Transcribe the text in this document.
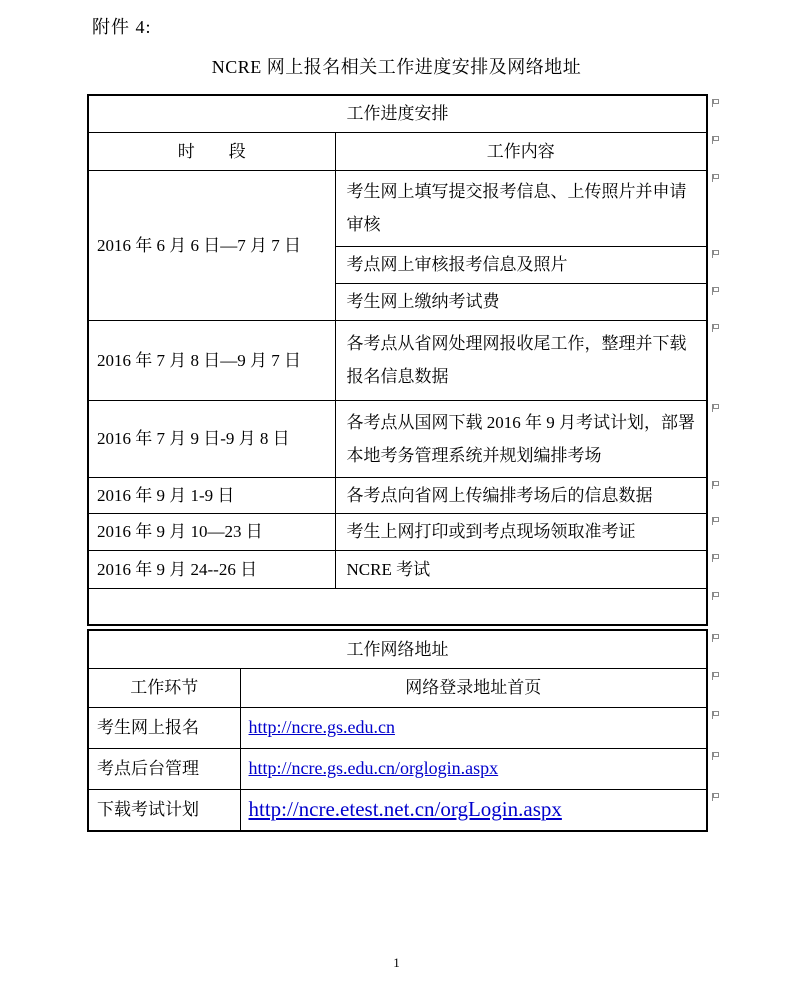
附件 4:
NCRE 网上报名相关工作进度安排及网络地址
工作进度安排	

时　　段	工作内容

2016 年 6 月 6 日—7 月 7 日	考生网上填写提交报考信息、上传照片并申请审核

	考点网上审核报考信息及照片

	考生网上缴纳考试费

2016 年 7 月 8 日—9 月 7 日	各考点从省网处理网报收尾工作，整理并下载报名信息数据

2016 年 7 月 9 日-9 月 8 日	各考点从国网下载 2016 年 9 月考试计划，部署本地考务管理系统并规划编排考场

2016 年 9 月 1-9 日	各考点向省网上传编排考场后的信息数据

2016 年 9 月 10—23 日	考生上网打印或到考点现场领取准考证

2016 年 9 月 24--26 日	NCRE 考试

工作网络地址	

工作环节	网络登录地址首页

考生网上报名	http://ncre.gs.edu.cn

考点后台管理	http://ncre.gs.edu.cn/orglogin.aspx

下载考试计划	http://ncre.etest.net.cn/orgLogin.aspx
1
